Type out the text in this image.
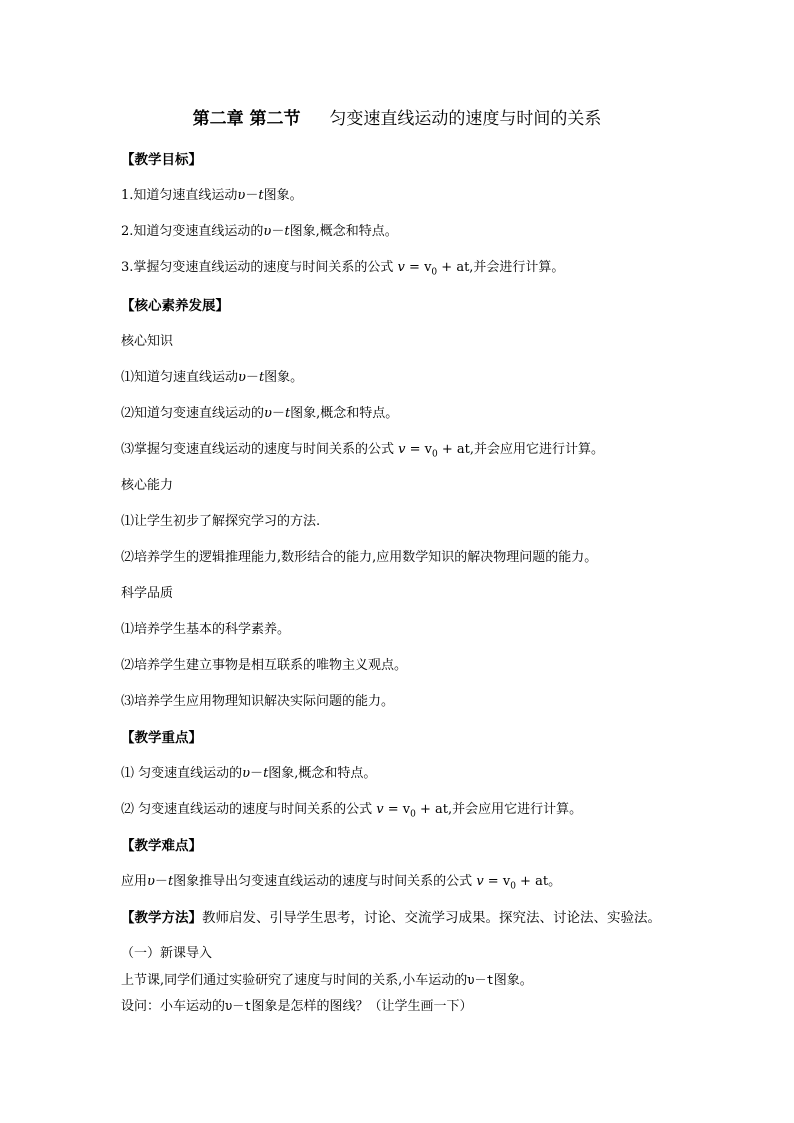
第二章 第二节 匀变速直线运动的速度与时间的关系
【教学目标】
1.知道匀速直线运动υ－t图象。
2.知道匀变速直线运动的υ－t图象,概念和特点。
3.掌握匀变速直线运动的速度与时间关系的公式 $v = v_0$ + at,并会进行计算。
【核心素养发展】
核心知识
⑴知道匀速直线运动υ－t图象。
⑵知道匀变速直线运动的υ－t图象,概念和特点。
⑶掌握匀变速直线运动的速度与时间关系的公式 $v = v_0$ + at,并会应用它进行计算。
核心能力
⑴让学生初步了解探究学习的方法.
⑵培养学生的逻辑推理能力,数形结合的能力,应用数学知识的解决物理问题的能力。
科学品质
⑴培养学生基本的科学素养。
⑵培养学生建立事物是相互联系的唯物主义观点。
⑶培养学生应用物理知识解决实际问题的能力。
【教学重点】
⑴ 匀变速直线运动的υ－t图象,概念和特点。
⑵ 匀变速直线运动的速度与时间关系的公式 $v = v_0$ + at,并会应用它进行计算。
【教学难点】
应用υ－t图象推导出匀变速直线运动的速度与时间关系的公式 $v = v_0$ + at。
【教学方法】教师启发、引导学生思考，讨论、交流学习成果。探究法、讨论法、实验法。
（一）新课导入
上节课,同学们通过实验研究了速度与时间的关系,小车运动的υ－t图象。
设问：小车运动的υ－t图象是怎样的图线？（让学生画一下）
